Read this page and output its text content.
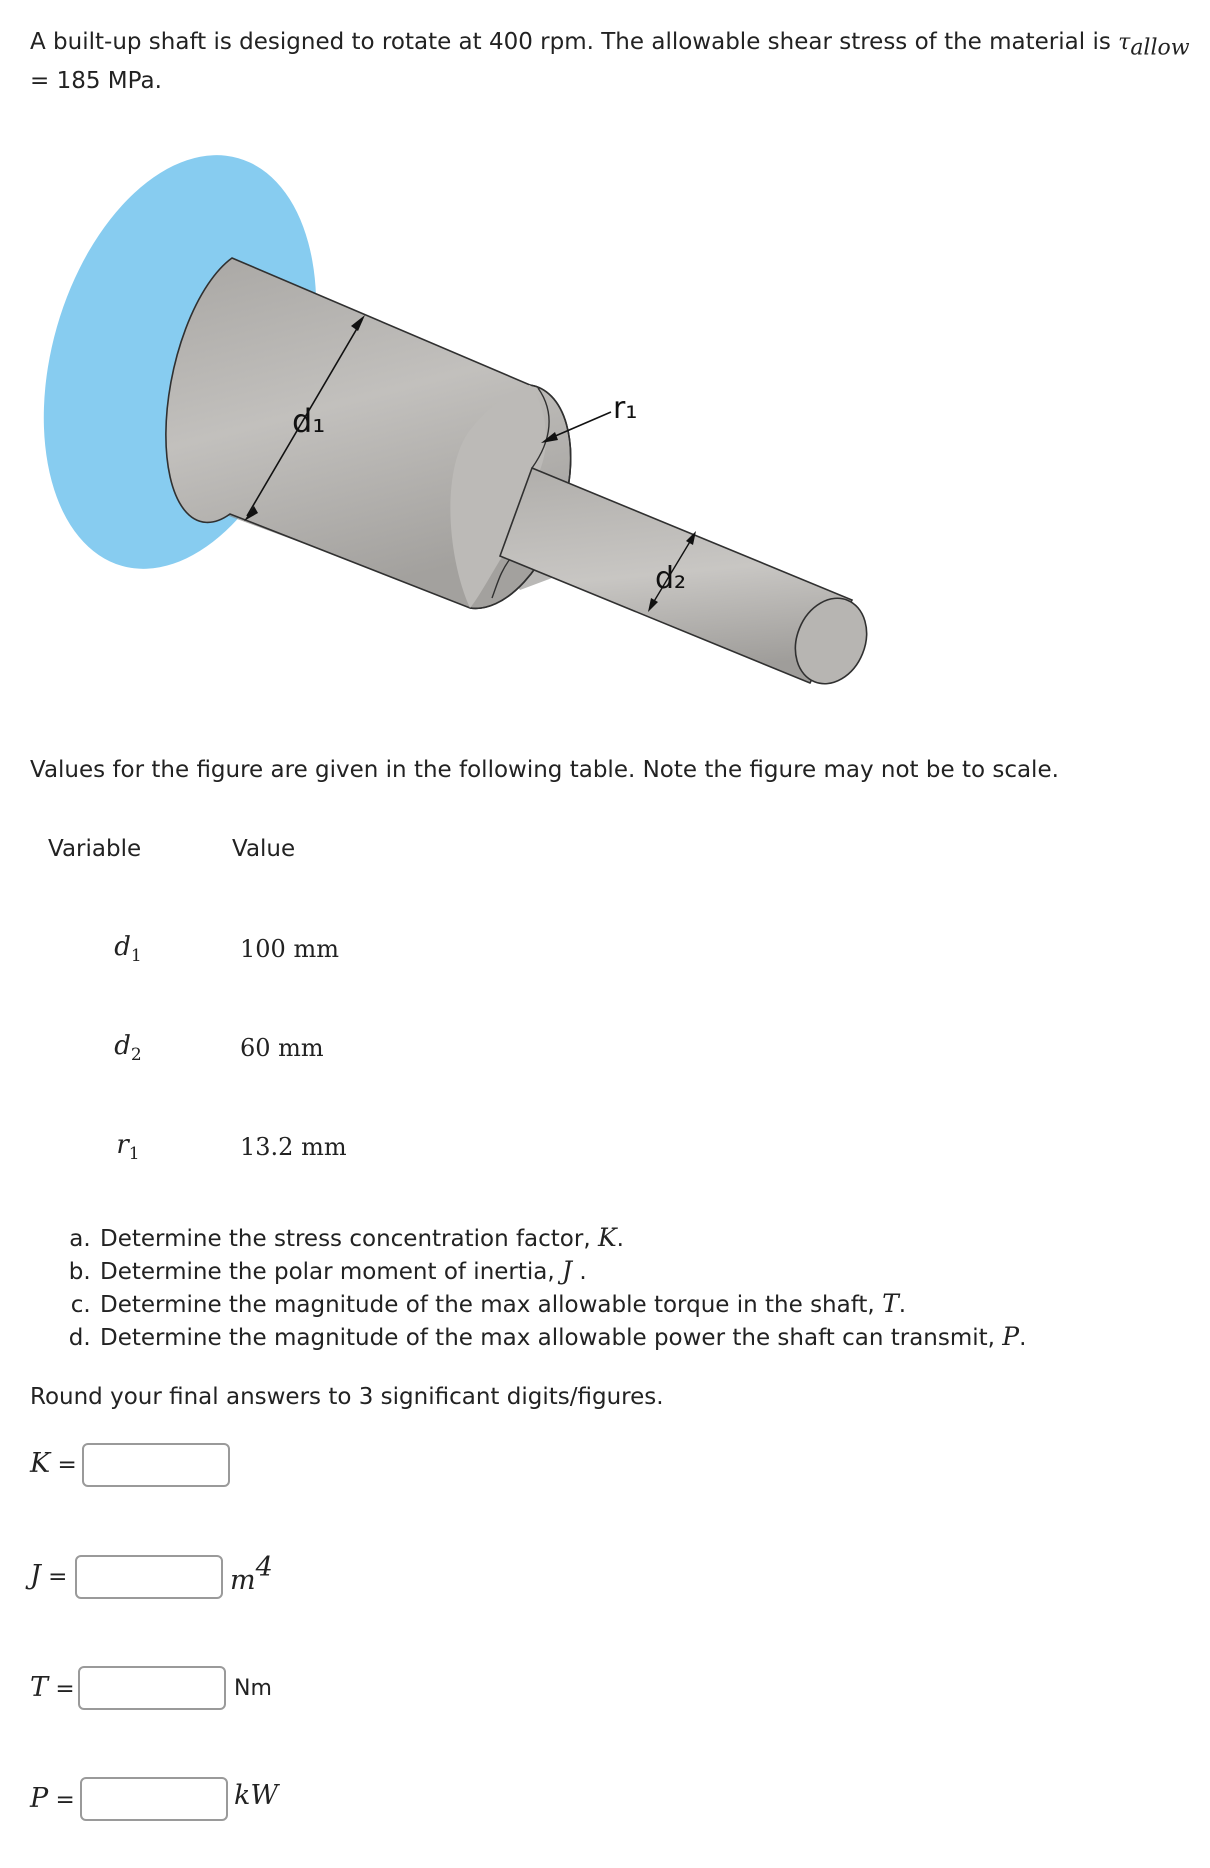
A built-up shaft is designed to rotate at 400 rpm. The allowable shear stress of the material is $\tau_{allow} = 185$ MPa.
d₁
d₂
r₁
Values for the figure are given in the following table. Note the figure may not be to scale.
Variable	Value
$d_1$	100 mm
$d_2$	60 mm
$r_1$	13.2 mm
a. Determine the stress concentration factor, K.
b. Determine the polar moment of inertia, J .
c. Determine the magnitude of the max allowable torque in the shaft, T.
d. Determine the magnitude of the max allowable power the shaft can transmit, P.
Round your final answers to 3 significant digits/figures.
K =
J =	$m^4$
T =	Nm
P =	kW
